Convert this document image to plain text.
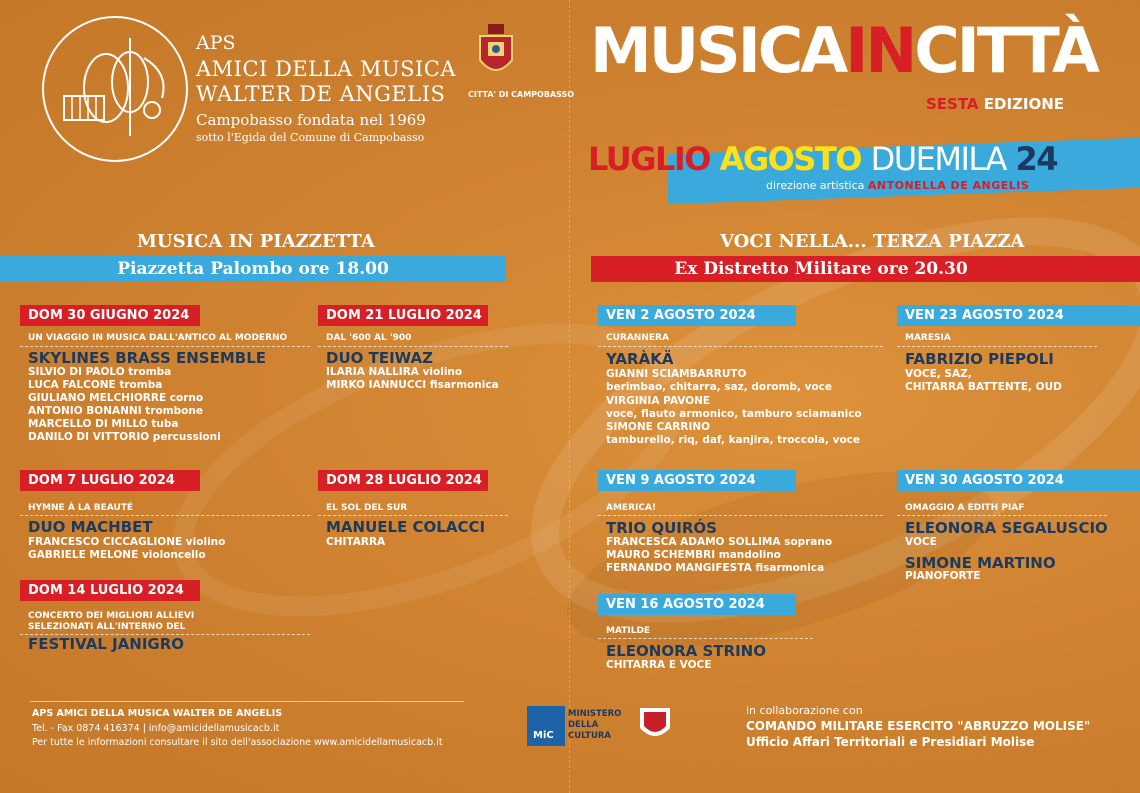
APS
AMICI DELLA MUSICA
WALTER DE ANGELIS
Campobasso fondata nel 1969
sotto l'Egida del Comune di Campobasso
CITTA' DI CAMPOBASSO
MUSICAINCITTÀ
SESTA EDIZIONE
LUGLIO AGOSTO DUEMILA 24
direzione artistica ANTONELLA DE ANGELIS
MUSICA IN PIAZZETTA
Piazzetta Palombo ore 18.00
DOM 30 GIUGNO 2024
UN VIAGGIO IN MUSICA DALL'ANTICO AL MODERNO
SKYLINES BRASS ENSEMBLE
SILVIO DI PAOLO tromba
LUCA FALCONE tromba
GIULIANO MELCHIORRE corno
ANTONIO BONANNI trombone
MARCELLO DI MILLO tuba
DANILO DI VITTORIO percussioni
DOM 21 LUGLIO 2024
DAL '600 AL '900
DUO TEIWAZ
ILARIA NALLIRA violino
MIRKO IANNUCCI fisarmonica
DOM 7 LUGLIO 2024
HYMNE À LA BEAUTÉ
DUO MACHBET
FRANCESCO CICCAGLIONE violino
GABRIELE MELONE violoncello
DOM 28 LUGLIO 2024
EL SOL DEL SUR
MANUELE COLACCI
CHITARRA
DOM 14 LUGLIO 2024
CONCERTO DEI MIGLIORI ALLIEVI
SELEZIONATI ALL'INTERNO DEL
FESTIVAL JANIGRO
VOCI NELLA... TERZA PIAZZA
Ex Distretto Militare ore 20.30
VEN 2 AGOSTO 2024
CURANNERA
YARÀKÄ
GIANNI SCIAMBARRUTO
berimbao, chitarra, saz, doromb, voce
VIRGINIA PAVONE
voce, flauto armonico, tamburo sciamanico
SIMONE CARRINO
tamburello, riq, daf, kanjira, troccola, voce
VEN 23 AGOSTO 2024
MARESIA
FABRIZIO PIEPOLI
VOCE, SAZ,
CHITARRA BATTENTE, OUD
VEN 9 AGOSTO 2024
AMERICA!
TRIO QUIRÓS
FRANCESCA ADAMO SOLLIMA soprano
MAURO SCHEMBRI mandolino
FERNANDO MANGIFESTA fisarmonica
VEN 30 AGOSTO 2024
OMAGGIO A EDITH PIAF
ELEONORA SEGALUSCIO
VOCE
SIMONE MARTINO
PIANOFORTE
VEN 16 AGOSTO 2024
MATILDE
ELEONORA STRINO
CHITARRA E VOCE
APS AMICI DELLA MUSICA WALTER DE ANGELIS
Tel. - Fax 0874 416374 | info@amicidellamusicacb.it
Per tutte le informazioni consultare il sito dell'associazione www.amicidellamusicacb.it
MiC
MINISTERO
DELLA
CULTURA
in collaborazione con
COMANDO MILITARE ESERCITO "ABRUZZO MOLISE"
Ufficio Affari Territoriali e Presidiari Molise
